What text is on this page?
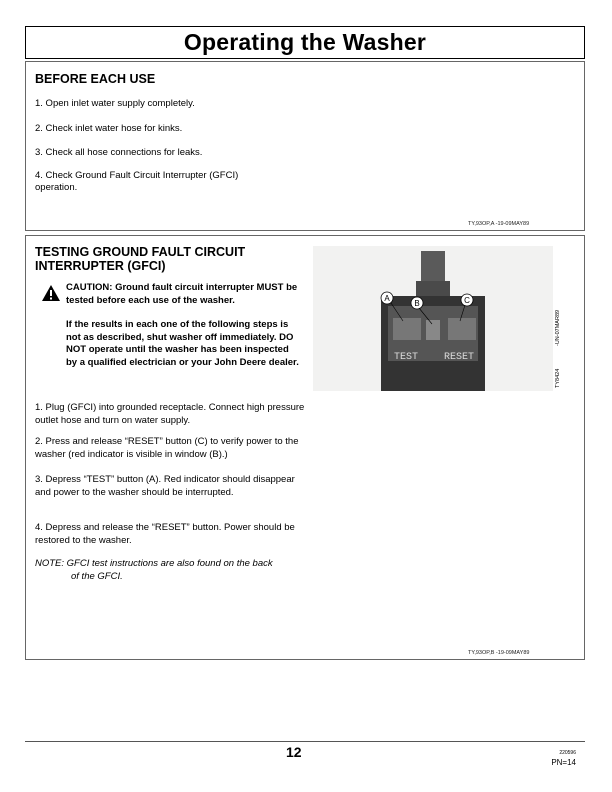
Operating the Washer
BEFORE EACH USE
1. Open inlet water supply completely.
2. Check inlet water hose for kinks.
3. Check all hose connections for leaks.
4. Check Ground Fault Circuit Interrupter (GFCI)
operation.
TY,93OP,A -19-09MAY89
TESTING GROUND FAULT CIRCUIT
INTERRUPTER (GFCI)

CAUTION: Ground fault circuit interrupter MUST be tested before each use of the washer.

If the results in each one of the following steps is not as described, shut washer off immediately. DO NOT operate until the washer has been inspected by a qualified electrician or your John Deere dealer.

1. Plug (GFCI) into grounded receptacle. Connect high pressure outlet hose and turn on water supply.
2. Press and release “RESET” button (C) to verify power to the washer (red indicator is visible in window (B).)
3. Depress “TEST” button (A). Red indicator should disappear and power to the washer should be interrupted.
4. Depress and release the “RESET” button. Power should be restored to the washer.
NOTE: GFCI test instructions are also found on the back
of the GFCI.
A
B	C
TEST	RESET
-UN-07MAR89
TY8424
TY,93OP,B -19-09MAY89
12	220596
PN=14
